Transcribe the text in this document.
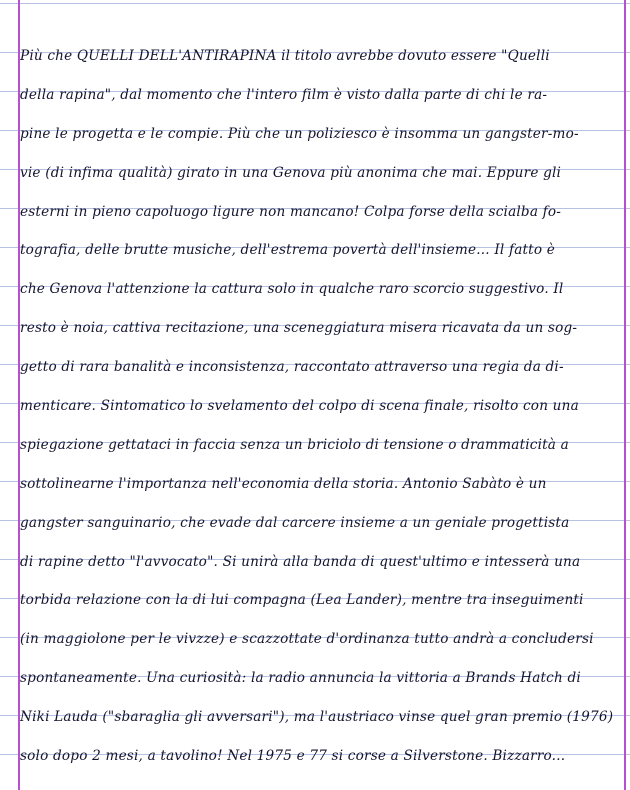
Più che QUELLI DELL'ANTIRAPINA il titolo avrebbe dovuto essere "Quelli
della rapina", dal momento che l'intero film è visto dalla parte di chi le ra-
pine le progetta e le compie. Più che un poliziesco è insomma un gangster-mo-
vie (di infima qualità) girato in una Genova più anonima che mai. Eppure gli
esterni in pieno capoluogo ligure non mancano! Colpa forse della scialba fo-
tografia, delle brutte musiche, dell'estrema povertà dell'insieme... Il fatto è
che Genova l'attenzione la cattura solo in qualche raro scorcio suggestivo. Il
resto è noia, cattiva recitazione, una sceneggiatura misera ricavata da un sog-
getto di rara banalità e inconsistenza, raccontato attraverso una regia da di-
menticare. Sintomatico lo svelamento del colpo di scena finale, risolto con una
spiegazione gettataci in faccia senza un briciolo di tensione o drammaticità a
sottolinearne l'importanza nell'economia della storia. Antonio Sabàto è un
gangster sanguinario, che evade dal carcere insieme a un geniale progettista
di rapine detto "l'avvocato". Si unirà alla banda di quest'ultimo e intesserà una
torbida relazione con la di lui compagna (Lea Lander), mentre tra inseguimenti
(in maggiolone per le vivzze) e scazzottate d'ordinanza tutto andrà a concludersi
spontaneamente. Una curiosità: la radio annuncia la vittoria a Brands Hatch di
Niki Lauda ("sbaraglia gli avversari"), ma l'austriaco vinse quel gran premio (1976)
solo dopo 2 mesi, a tavolino! Nel 1975 e 77 si corse a Silverstone. Bizzarro...
